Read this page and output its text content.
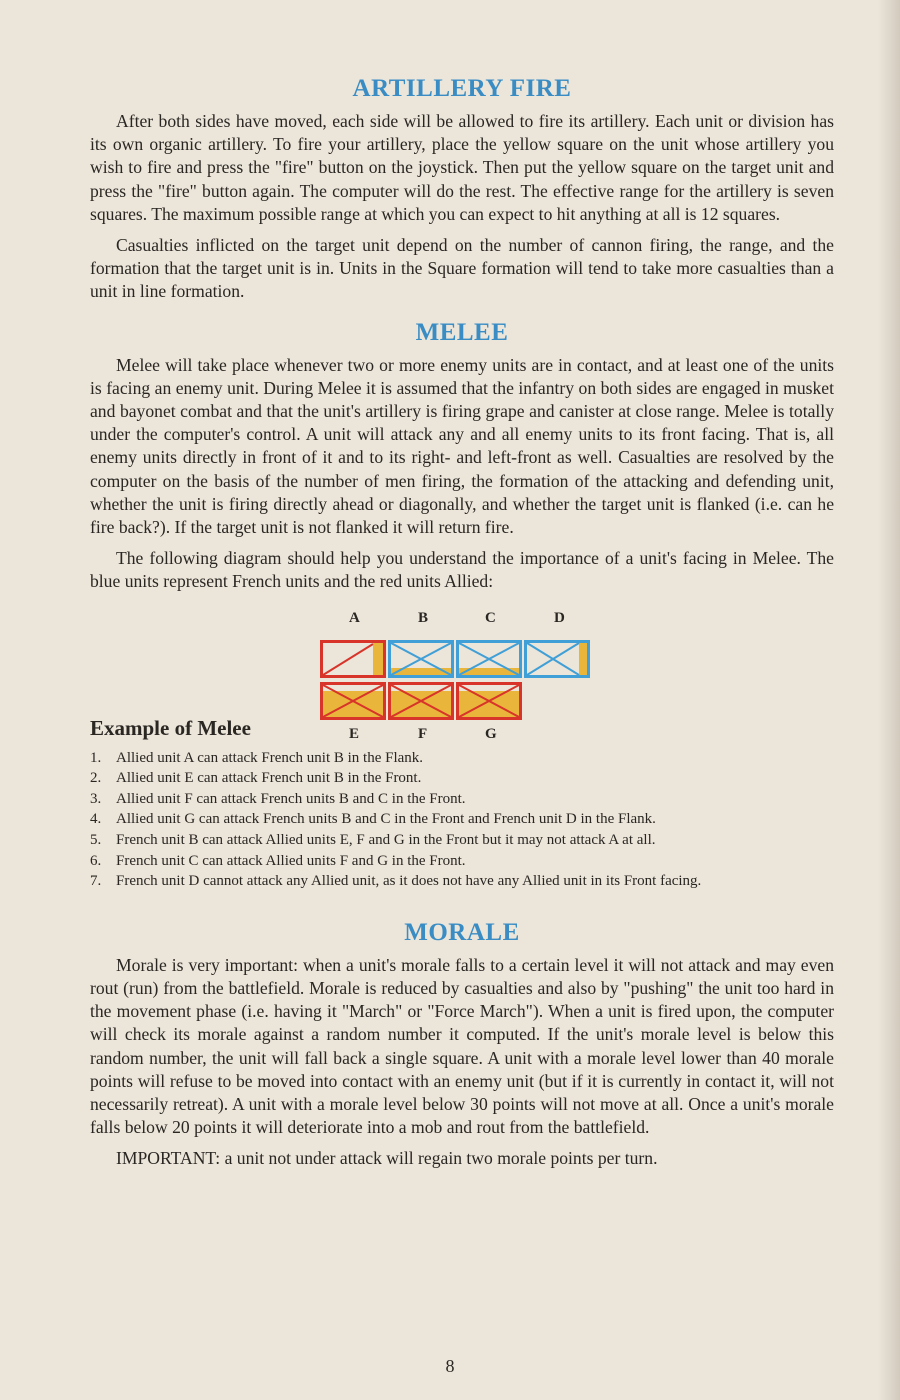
ARTILLERY FIRE

After both sides have moved, each side will be allowed to fire its artillery. Each unit or division has its own organic artillery. To fire your artillery, place the yellow square on the unit whose artillery you wish to fire and press the "fire" button on the joystick. Then put the yellow square on the target unit and press the "fire" button again. The computer will do the rest. The effective range for the artillery is seven squares. The maximum possible range at which you can expect to hit anything at all is 12 squares.

Casualties inflicted on the target unit depend on the number of cannon firing, the range, and the formation that the target unit is in. Units in the Square formation will tend to take more casualties than a unit in line formation.

MELEE

Melee will take place whenever two or more enemy units are in contact, and at least one of the units is facing an enemy unit. During Melee it is assumed that the infantry on both sides are engaged in musket and bayonet combat and that the unit's artillery is firing grape and canister at close range. Melee is totally under the computer's control. A unit will attack any and all enemy units to its front facing. That is, all enemy units directly in front of it and to its right- and left-front as well. Casualties are resolved by the computer on the basis of the number of men firing, the formation of the attacking and defending unit, whether the unit is firing directly ahead or diagonally, and whether the target unit is flanked (i.e. can he fire back?). If the target unit is not flanked it will return fire.

The following diagram should help you understand the importance of a unit's facing in Melee. The blue units represent French units and the red units Allied:

A	B	C	D
E	F	G
Example of Melee
1. Allied unit A can attack French unit B in the Flank.
2. Allied unit E can attack French unit B in the Front.
3. Allied unit F can attack French units B and C in the Front.
4. Allied unit G can attack French units B and C in the Front and French unit D in the Flank.
5. French unit B can attack Allied units E, F and G in the Front but it may not attack A at all.
6. French unit C can attack Allied units F and G in the Front.
7. French unit D cannot attack any Allied unit, as it does not have any Allied unit in its Front facing.
MORALE

Morale is very important: when a unit's morale falls to a certain level it will not attack and may even rout (run) from the battlefield. Morale is reduced by casualties and also by "pushing" the unit too hard in the movement phase (i.e. having it "March" or "Force March"). When a unit is fired upon, the computer will check its morale against a random number it computed. If the unit's morale level is below this random number, the unit will fall back a single square. A unit with a morale level lower than 40 morale points will refuse to be moved into contact with an enemy unit (but if it is currently in contact it, will not necessarily retreat). A unit with a morale level below 30 points will not move at all. Once a unit's morale falls below 20 points it will deteriorate into a mob and rout from the battlefield.

IMPORTANT: a unit not under attack will regain two morale points per turn.

8
